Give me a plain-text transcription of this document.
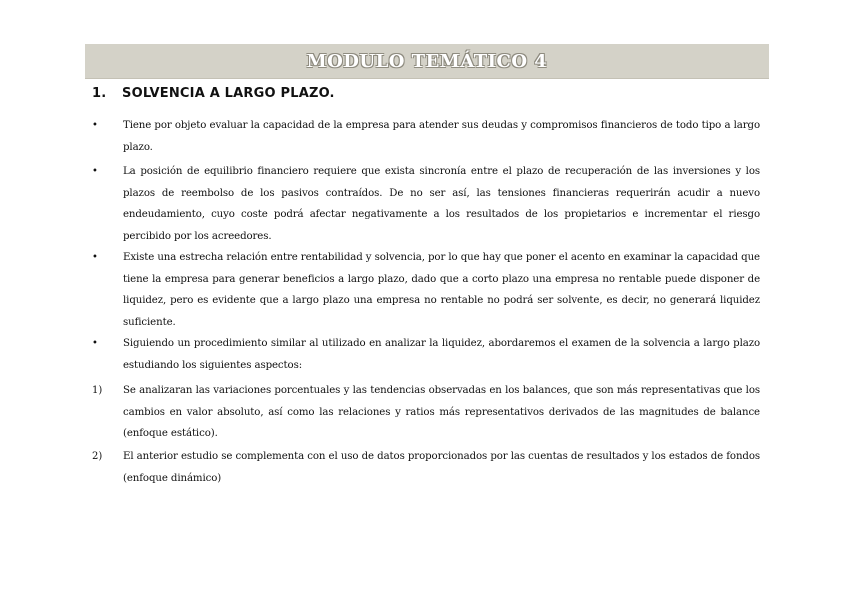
MODULO TEMÁTICO 4
1. SOLVENCIA A LARGO PLAZO.
• Tiene por objeto evaluar la capacidad de la empresa para atender sus deudas y compromisos financieros de todo tipo a largo plazo.
• La posición de equilibrio financiero requiere que exista sincronía entre el plazo de recuperación de las inversiones y los plazos de reembolso de los pasivos contraídos. De no ser así, las tensiones financieras requerirán acudir a nuevo endeudamiento, cuyo coste podrá afectar negativamente a los resultados de los propietarios e incrementar el riesgo percibido por los acreedores.
• Existe una estrecha relación entre rentabilidad y solvencia, por lo que hay que poner el acento en examinar la capacidad que tiene la empresa para generar beneficios a largo plazo, dado que a corto plazo una empresa no rentable puede disponer de liquidez, pero es evidente que a largo plazo una empresa no rentable no podrá ser solvente, es decir, no generará liquidez suficiente.
• Siguiendo un procedimiento similar al utilizado en analizar la liquidez, abordaremos el examen de la solvencia a largo plazo estudiando los siguientes aspectos:
1) Se analizaran las variaciones porcentuales y las tendencias observadas en los balances, que son más representativas que los cambios en valor absoluto, así como las relaciones y ratios más representativos derivados de las magnitudes de balance (enfoque estático).
2) El anterior estudio se complementa con el uso de datos proporcionados por las cuentas de resultados y los estados de fondos (enfoque dinámico)
